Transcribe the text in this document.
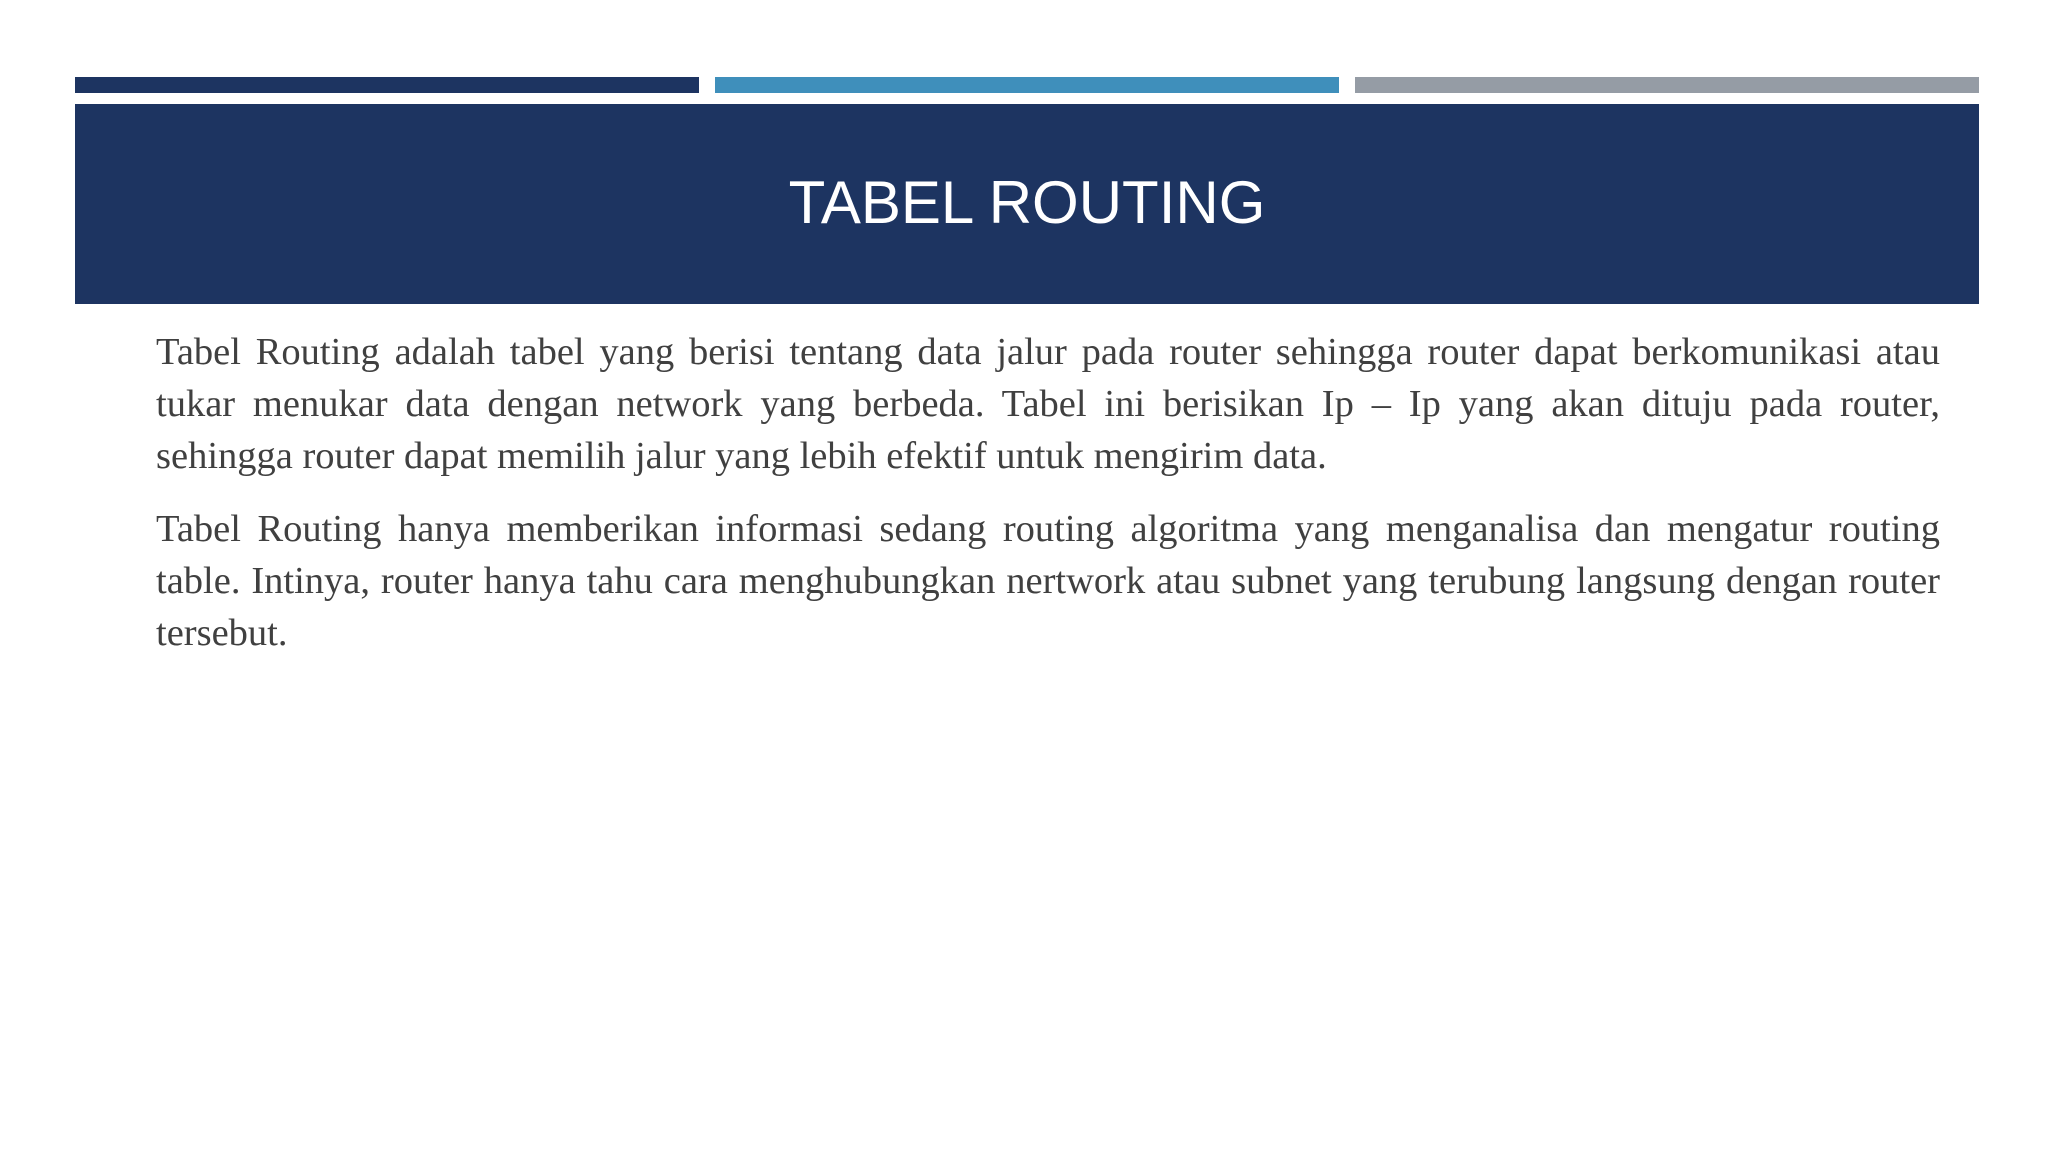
TABEL ROUTING

Tabel Routing adalah tabel yang berisi tentang data jalur pada router sehingga router dapat berkomunikasi atau tukar menukar data dengan network yang berbeda. Tabel ini berisikan Ip – Ip yang akan dituju pada router, sehingga router dapat memilih jalur yang lebih efektif untuk mengirim data.

Tabel Routing hanya memberikan informasi sedang routing algoritma yang menganalisa dan mengatur routing table. Intinya, router hanya tahu cara menghubungkan nertwork atau subnet yang terubung langsung dengan router tersebut.
